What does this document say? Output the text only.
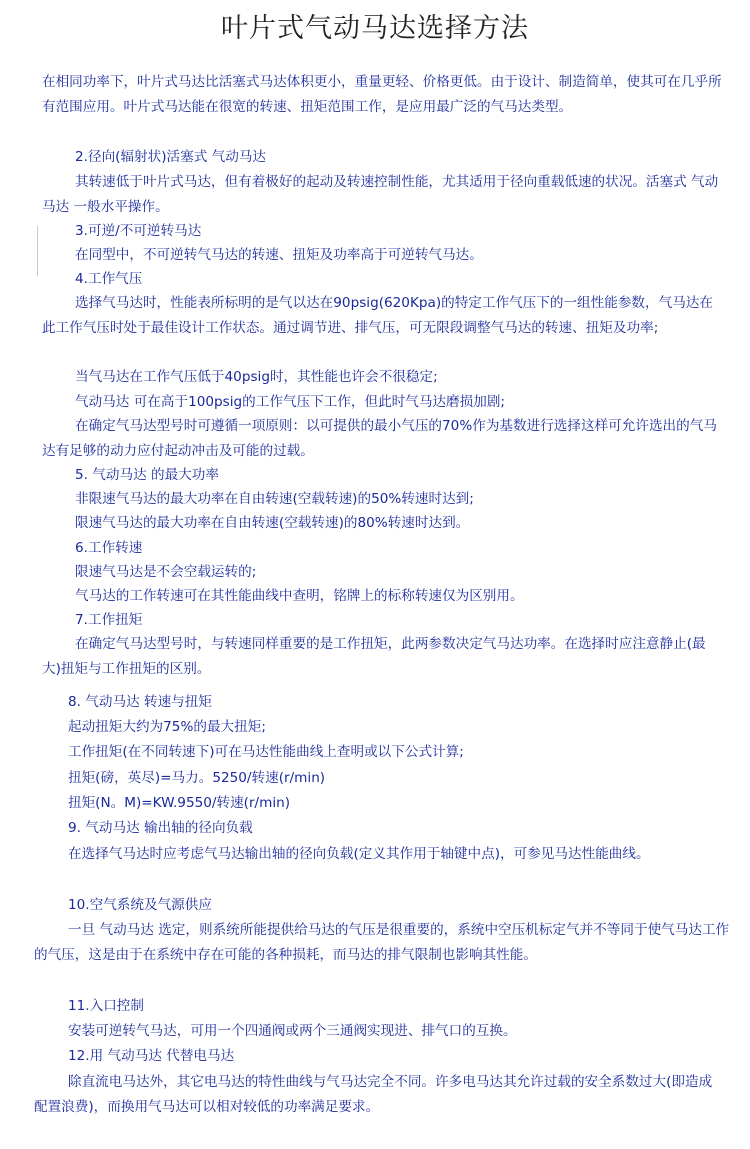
叶片式气动马达选择方法

在相同功率下，叶片式马达比活塞式马达体积更小，重量更轻、价格更低。由于设计、制造简单，使其可在几乎所有范围应用。叶片式马达能在很宽的转速、扭矩范围工作，是应用最广泛的气马达类型。

2.径向(辐射状)活塞式 气动马达

其转速低于叶片式马达，但有着极好的起动及转速控制性能，尤其适用于径向重载低速的状况。活塞式 气动马达 一般水平操作。

3.可逆/不可逆转马达

在同型中，不可逆转气马达的转速、扭矩及功率高于可逆转气马达。

4.工作气压

选择气马达时，性能表所标明的是气以达在90psig(620Kpa)的特定工作气压下的一组性能参数，气马达在此工作气压时处于最佳设计工作状态。通过调节进、排气压，可无限段调整气马达的转速、扭矩及功率;

当气马达在工作气压低于40psig时，其性能也许会不很稳定;

气动马达 可在高于100psig的工作气压下工作，但此时气马达磨损加剧;

在确定气马达型号时可遵循一项原则：以可提供的最小气压的70%作为基数进行选择这样可允许选出的气马达有足够的动力应付起动冲击及可能的过载。

5. 气动马达 的最大功率

非限速气马达的最大功率在自由转速(空载转速)的50%转速时达到;

限速气马达的最大功率在自由转速(空载转速)的80%转速时达到。

6.工作转速

限速气马达是不会空载运转的;

气马达的工作转速可在其性能曲线中查明，铭牌上的标称转速仅为区别用。

7.工作扭矩

在确定气马达型号时，与转速同样重要的是工作扭矩，此两参数决定气马达功率。在选择时应注意静止(最大)扭矩与工作扭矩的区别。

8. 气动马达 转速与扭矩

起动扭矩大约为75%的最大扭矩;

工作扭矩(在不同转速下)可在马达性能曲线上查明或以下公式计算;

扭矩(磅，英尽)=马力。5250/转速(r/min)

扭矩(N。M)=KW.9550/转速(r/min)

9. 气动马达 输出轴的径向负载

在选择气马达时应考虑气马达输出轴的径向负载(定义其作用于轴键中点)，可参见马达性能曲线。

10.空气系统及气源供应

一旦 气动马达 选定，则系统所能提供给马达的气压是很重要的，系统中空压机标定气并不等同于使气马达工作的气压，这是由于在系统中存在可能的各种损耗，而马达的排气限制也影响其性能。

11.入口控制

安装可逆转气马达，可用一个四通阀或两个三通阀实现进、排气口的互换。

12.用 气动马达 代替电马达

除直流电马达外，其它电马达的特性曲线与气马达完全不同。许多电马达其允许过载的安全系数过大(即造成配置浪费)，而换用气马达可以相对较低的功率满足要求。
